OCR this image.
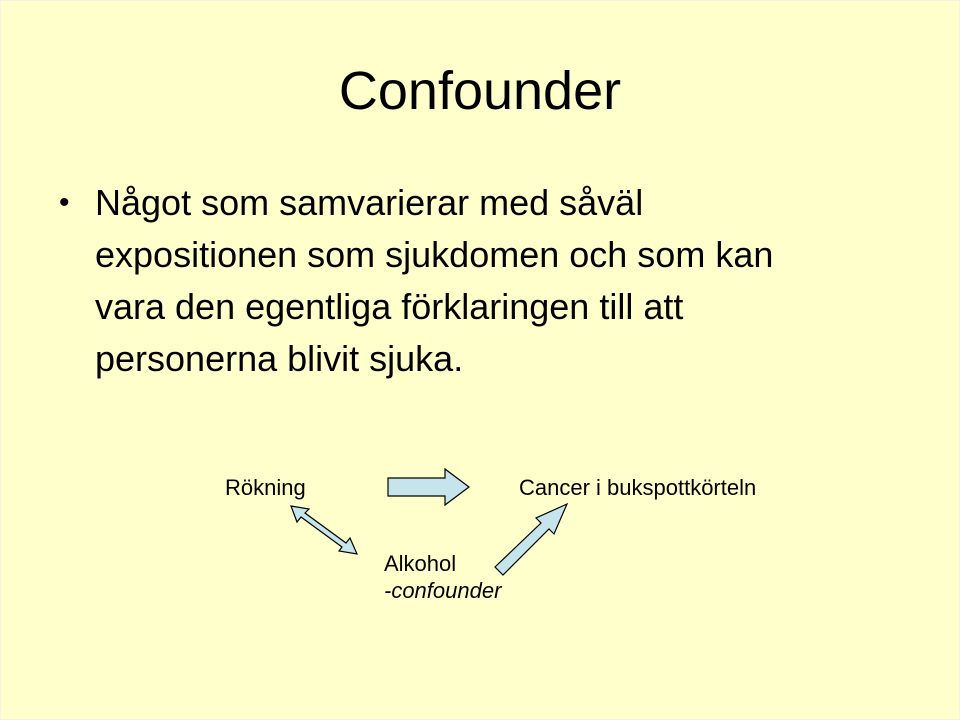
Confounder
• Något som samvarierar med såväl
expositionen som sjukdomen och som kan
vara den egentliga förklaringen till att
personerna blivit sjuka.
Rökning	Cancer i bukspottkörteln
Alkohol
-confounder
